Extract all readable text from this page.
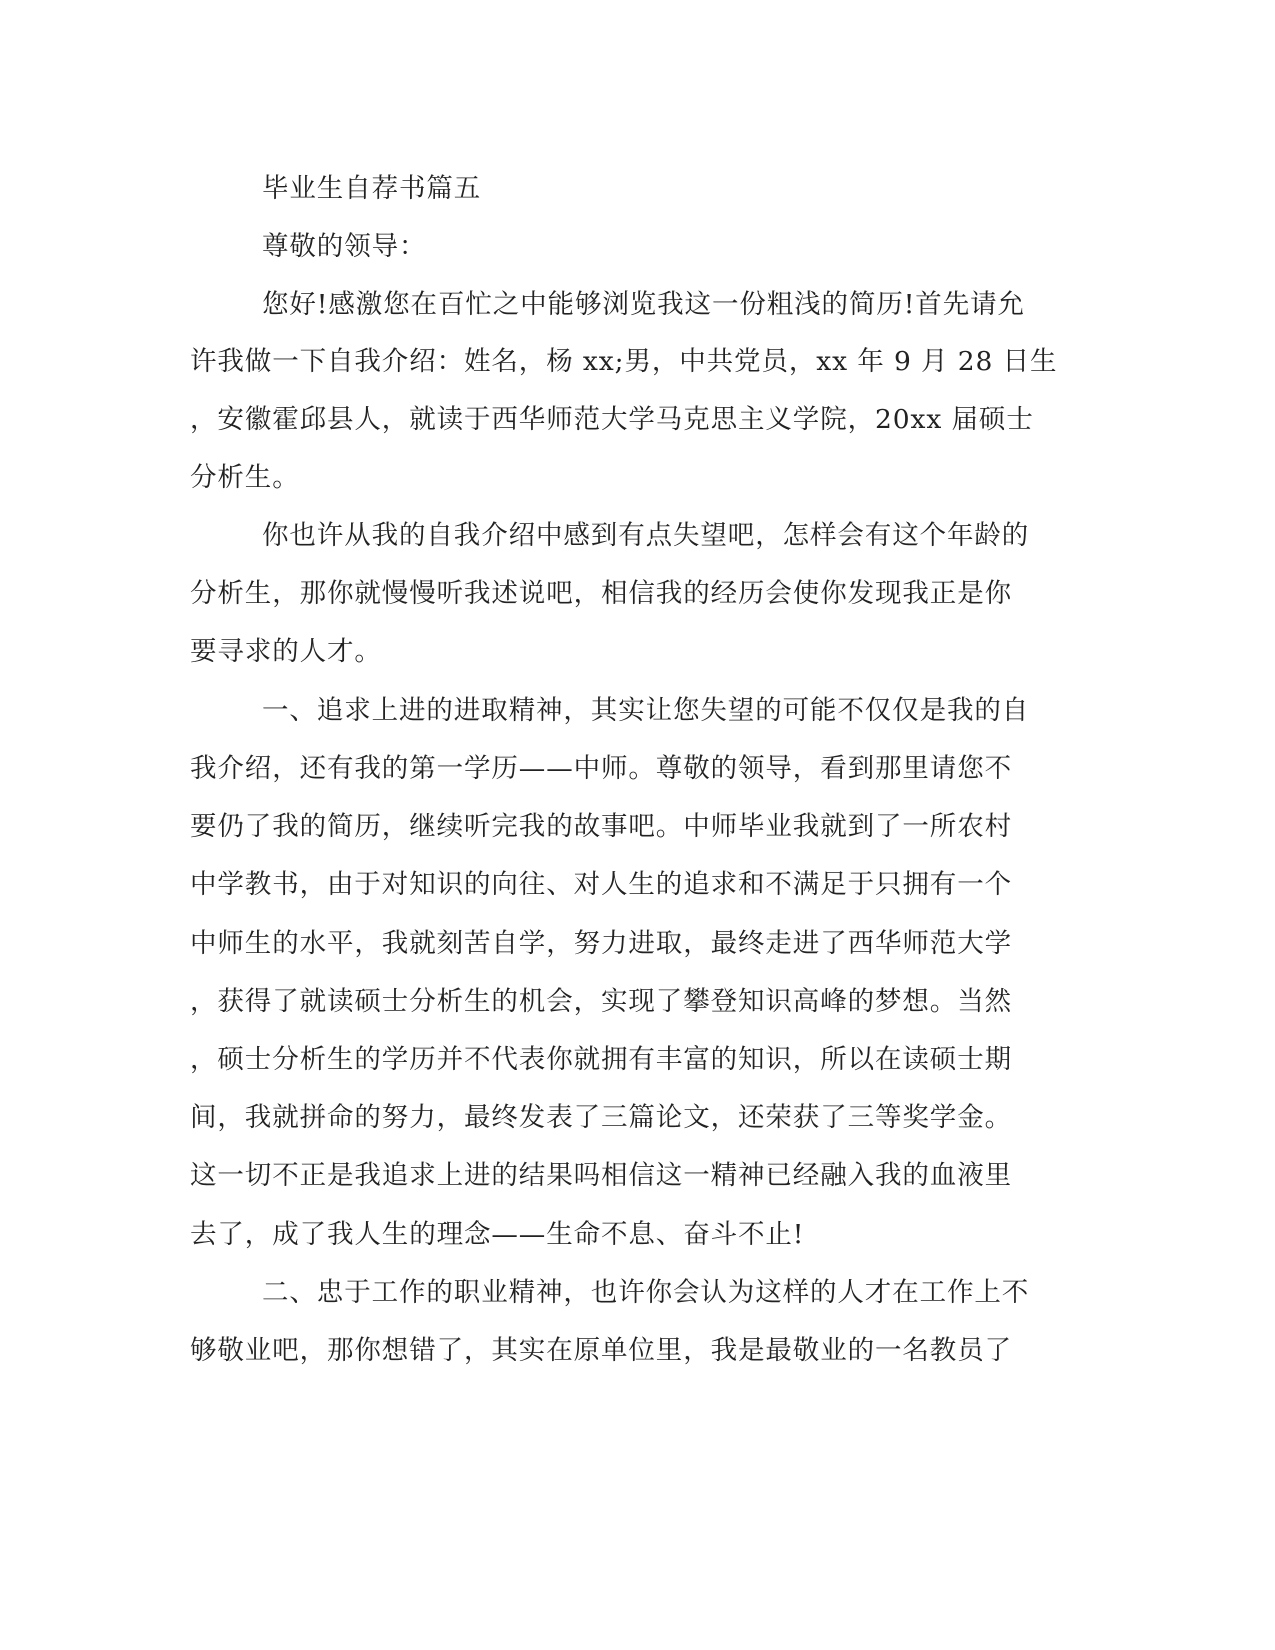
毕业生自荐书篇五
尊敬的领导：
您好!感激您在百忙之中能够浏览我这一份粗浅的简历!首先请允
许我做一下自我介绍：姓名，杨 xx;男，中共党员，xx 年 9 月 28 日生
，安徽霍邱县人，就读于西华师范大学马克思主义学院，20xx 届硕士
分析生。
你也许从我的自我介绍中感到有点失望吧，怎样会有这个年龄的
分析生，那你就慢慢听我述说吧，相信我的经历会使你发现我正是你
要寻求的人才。
一、追求上进的进取精神，其实让您失望的可能不仅仅是我的自
我介绍，还有我的第一学历——中师。尊敬的领导，看到那里请您不
要仍了我的简历，继续听完我的故事吧。中师毕业我就到了一所农村
中学教书，由于对知识的向往、对人生的追求和不满足于只拥有一个
中师生的水平，我就刻苦自学，努力进取，最终走进了西华师范大学
，获得了就读硕士分析生的机会，实现了攀登知识高峰的梦想。当然
，硕士分析生的学历并不代表你就拥有丰富的知识，所以在读硕士期
间，我就拼命的努力，最终发表了三篇论文，还荣获了三等奖学金。
这一切不正是我追求上进的结果吗相信这一精神已经融入我的血液里
去了，成了我人生的理念——生命不息、奋斗不止!
二、忠于工作的职业精神，也许你会认为这样的人才在工作上不
够敬业吧，那你想错了，其实在原单位里，我是最敬业的一名教员了
